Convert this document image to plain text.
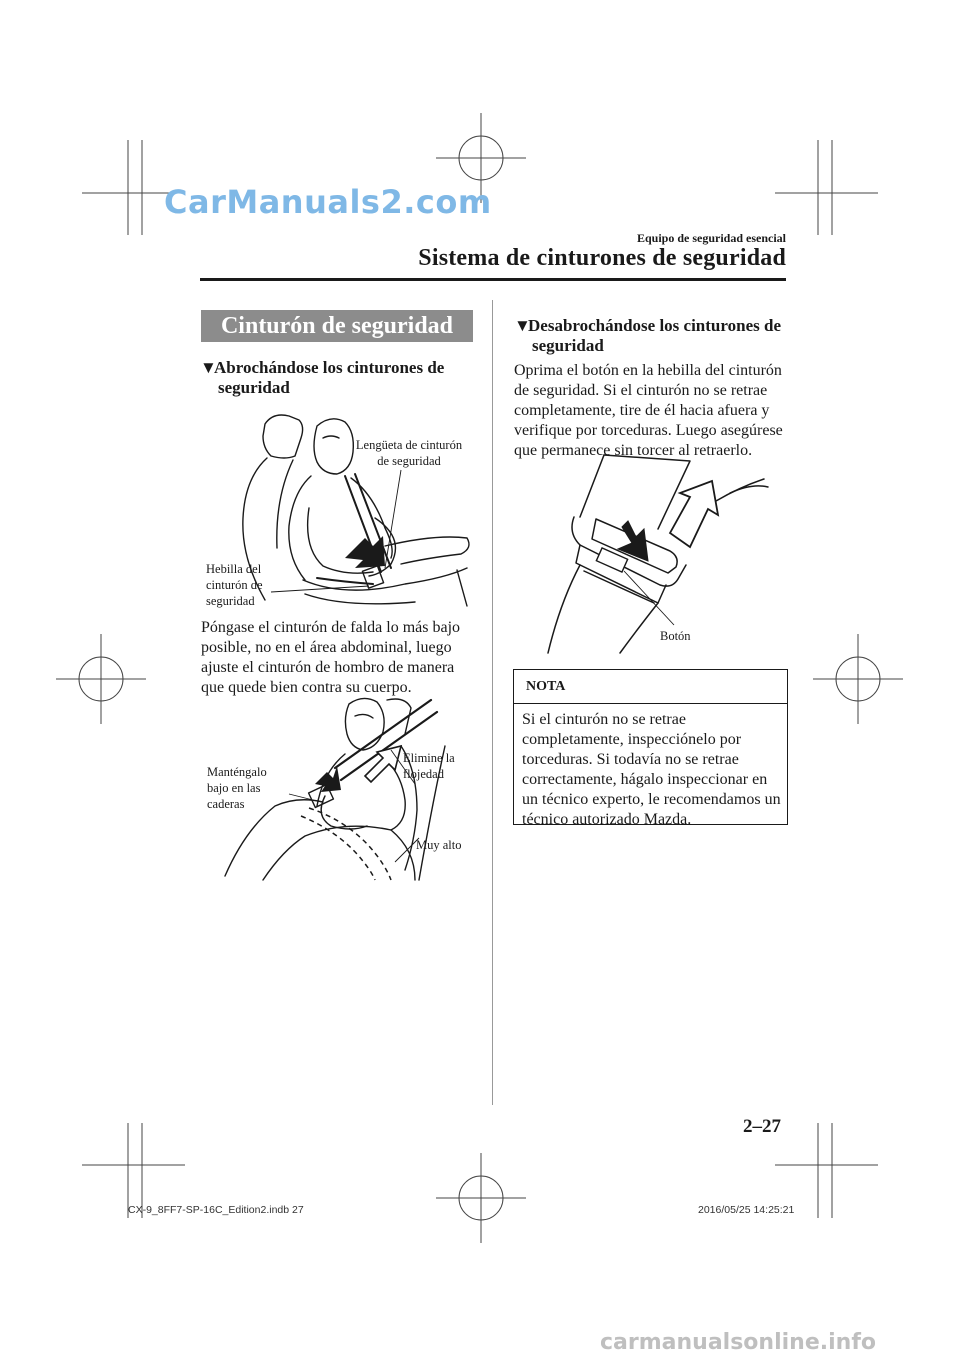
CarManuals2.com
Equipo de seguridad esencial
Sistema de cinturones de seguridad
Cinturón de seguridad
▼Abrochándose los cinturones de
seguridad
Lengüeta de cinturón
de seguridad
Hebilla del
cinturón de
seguridad
Póngase el cinturón de falda lo más bajo
posible, no en el área abdominal, luego
ajuste el cinturón de hombro de manera
que quede bien contra su cuerpo.
Elimine la
flojedad
Manténgalo
bajo en las
caderas
Muy alto
▼Desabrochándose los cinturones de
seguridad
Oprima el botón en la hebilla del cinturón
de seguridad. Si el cinturón no se retrae
completamente, tire de él hacia afuera y
verifique por torceduras. Luego asegúrese
que permanece sin torcer al retraerlo.
Botón
NOTA
Si el cinturón no se retrae
completamente, inspecciónelo por
torceduras. Si todavía no se retrae
correctamente, hágalo inspeccionar en
un técnico experto, le recomendamos un
técnico autorizado Mazda.
2–27
CX-9_8FF7-SP-16C_Edition2.indb 27	2016/05/25 14:25:21
carmanualsonline.info
